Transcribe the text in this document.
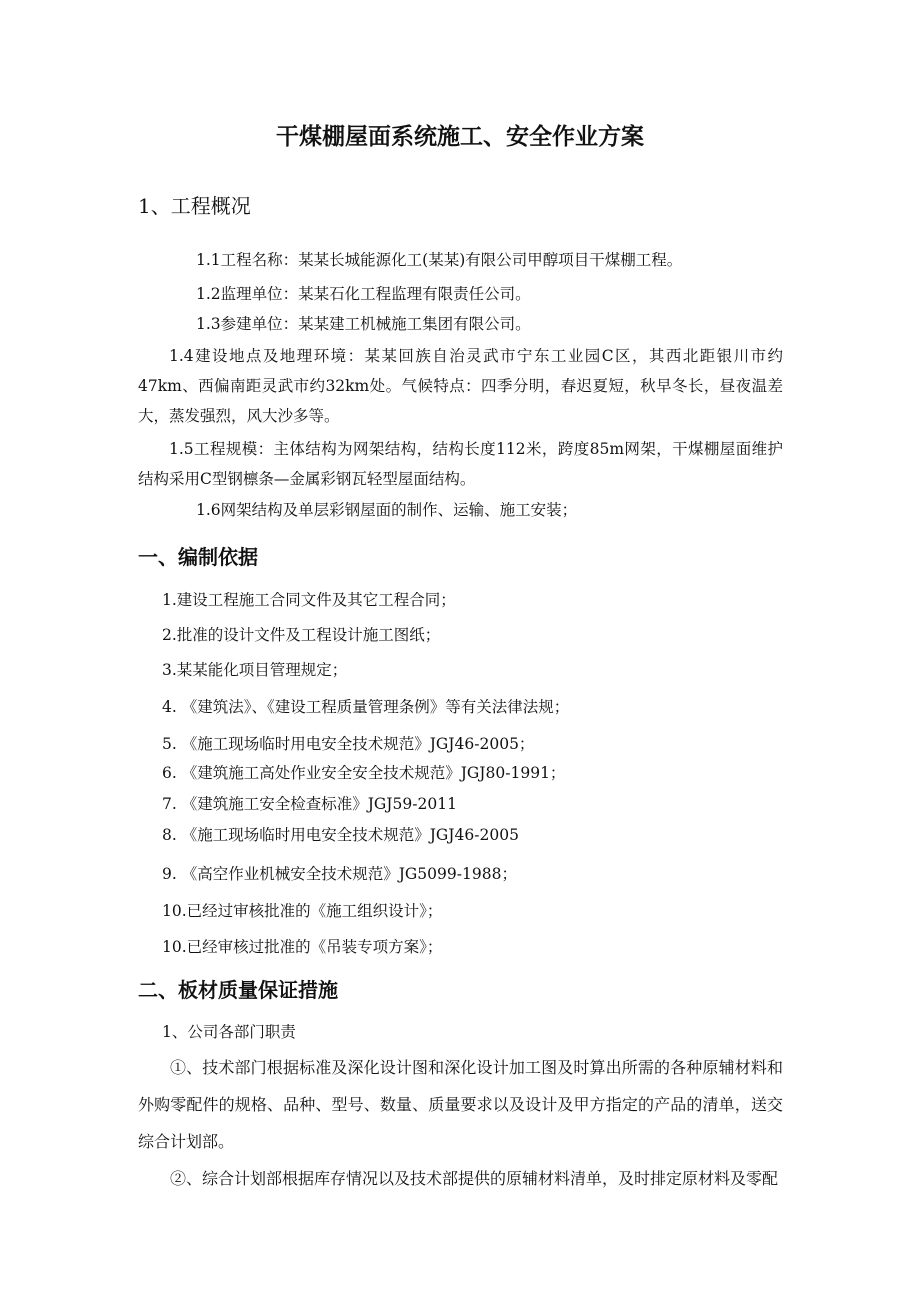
干煤棚屋面系统施工、安全作业方案
1、工程概况
1.1工程名称：某某长城能源化工(某某)有限公司甲醇项目干煤棚工程。
1.2监理单位：某某石化工程监理有限责任公司。
1.3参建单位：某某建工机械施工集团有限公司。
1.4建设地点及地理环境：某某回族自治灵武市宁东工业园C区，其西北距银川市约47km、西偏南距灵武市约32km处。气候特点：四季分明，春迟夏短，秋早冬长，昼夜温差大，蒸发强烈，风大沙多等。
1.5工程规模：主体结构为网架结构，结构长度112米，跨度85m网架，干煤棚屋面维护结构采用C型钢檩条—金属彩钢瓦轻型屋面结构。
1.6网架结构及单层彩钢屋面的制作、运输、施工安装；
一、编制依据
1.建设工程施工合同文件及其它工程合同；
2.批准的设计文件及工程设计施工图纸；
3.某某能化项目管理规定；
4. 《建筑法》、《建设工程质量管理条例》等有关法律法规；
5. 《施工现场临时用电安全技术规范》JGJ46-2005；
6. 《建筑施工高处作业安全安全技术规范》JGJ80-1991；
7. 《建筑施工安全检查标准》JGJ59-2011
8. 《施工现场临时用电安全技术规范》JGJ46-2005
9. 《高空作业机械安全技术规范》JG5099-1988；
10.已经过审核批准的《施工组织设计》；
10.已经审核过批准的《吊装专项方案》；
二、板材质量保证措施
1、公司各部门职责
①、技术部门根据标准及深化设计图和深化设计加工图及时算出所需的各种原辅材料和外购零配件的规格、品种、型号、数量、质量要求以及设计及甲方指定的产品的清单，送交综合计划部。
②、综合计划部根据库存情况以及技术部提供的原辅材料清单，及时排定原材料及零配
